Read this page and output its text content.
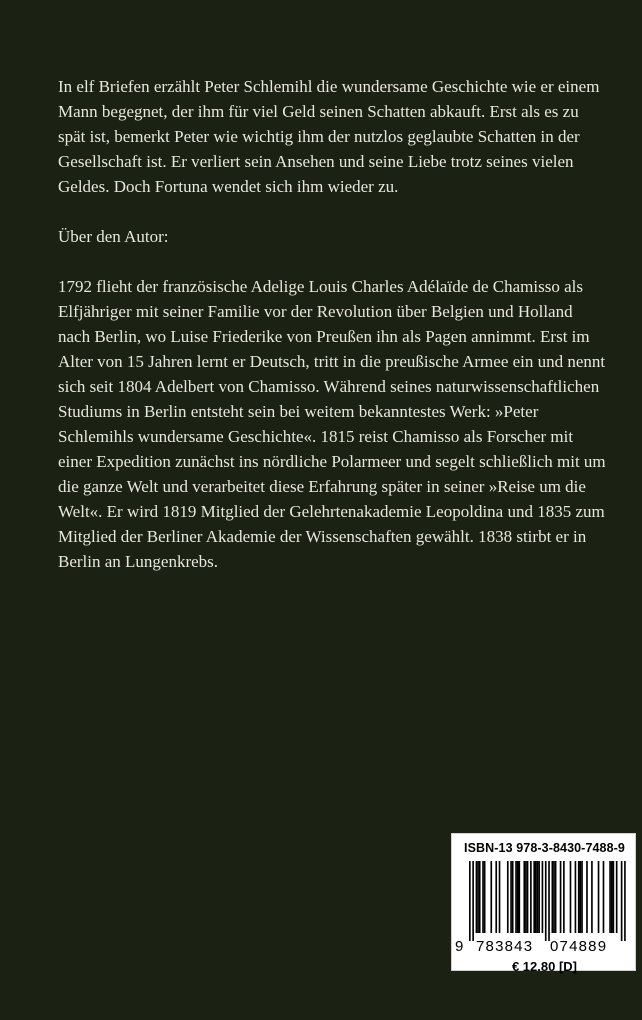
In elf Briefen erzählt Peter Schlemihl die wundersame Geschichte wie er einem Mann begegnet, der ihm für viel Geld seinen Schatten abkauft. Erst als es zu spät ist, bemerkt Peter wie wichtig ihm der nutzlos geglaubte Schatten in der Gesellschaft ist. Er verliert sein Ansehen und seine Liebe trotz seines vielen Geldes. Doch Fortuna wendet sich ihm wieder zu.

Über den Autor:

1792 flieht der französische Adelige Louis Charles Adélaïde de Chamisso als Elfjähriger mit seiner Familie vor der Revolution über Belgien und Holland nach Berlin, wo Luise Friederike von Preußen ihn als Pagen annimmt. Erst im Alter von 15 Jahren lernt er Deutsch, tritt in die preußische Armee ein und nennt sich seit 1804 Adelbert von Chamisso. Während seines naturwissenschaftlichen Studiums in Berlin entsteht sein bei weitem bekanntestes Werk: »Peter Schlemihls wundersame Geschichte«. 1815 reist Chamisso als Forscher mit einer Expedition zunächst ins nördliche Polarmeer und segelt schließlich mit um die ganze Welt und verarbeitet diese Erfahrung später in seiner »Reise um die Welt«. Er wird 1819 Mitglied der Gelehrtenakademie Leopoldina und 1835 zum Mitglied der Berliner Akademie der Wissenschaften gewählt. 1838 stirbt er in Berlin an Lungenkrebs.

ISBN-13 978-3-8430-7488-9
9 783843 074889
€ 12.80 [D]
